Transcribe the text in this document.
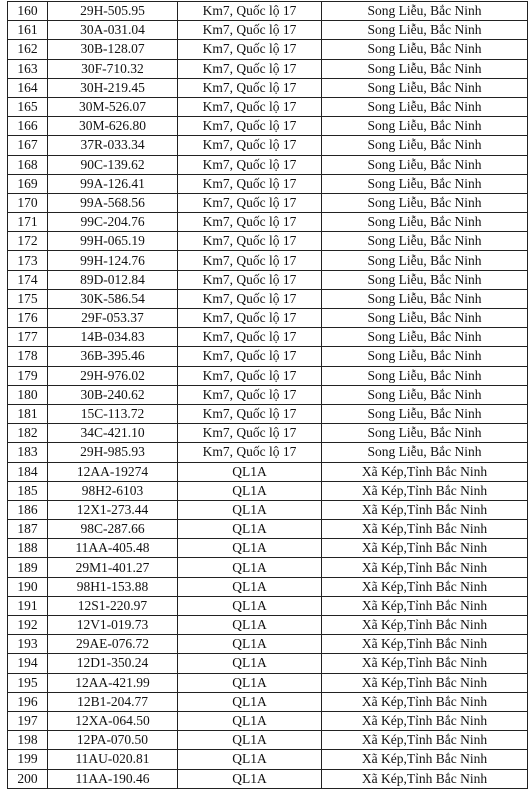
160	29H-505.95	Km7, Quốc lộ 17	Song Liễu, Bắc Ninh
161	30A-031.04	Km7, Quốc lộ 17	Song Liễu, Bắc Ninh
162	30B-128.07	Km7, Quốc lộ 17	Song Liễu, Bắc Ninh
163	30F-710.32	Km7, Quốc lộ 17	Song Liễu, Bắc Ninh
164	30H-219.45	Km7, Quốc lộ 17	Song Liễu, Bắc Ninh
165	30M-526.07	Km7, Quốc lộ 17	Song Liễu, Bắc Ninh
166	30M-626.80	Km7, Quốc lộ 17	Song Liễu, Bắc Ninh
167	37R-033.34	Km7, Quốc lộ 17	Song Liễu, Bắc Ninh
168	90C-139.62	Km7, Quốc lộ 17	Song Liễu, Bắc Ninh
169	99A-126.41	Km7, Quốc lộ 17	Song Liễu, Bắc Ninh
170	99A-568.56	Km7, Quốc lộ 17	Song Liễu, Bắc Ninh
171	99C-204.76	Km7, Quốc lộ 17	Song Liễu, Bắc Ninh
172	99H-065.19	Km7, Quốc lộ 17	Song Liễu, Bắc Ninh
173	99H-124.76	Km7, Quốc lộ 17	Song Liễu, Bắc Ninh
174	89D-012.84	Km7, Quốc lộ 17	Song Liễu, Bắc Ninh
175	30K-586.54	Km7, Quốc lộ 17	Song Liễu, Bắc Ninh
176	29F-053.37	Km7, Quốc lộ 17	Song Liễu, Bắc Ninh
177	14B-034.83	Km7, Quốc lộ 17	Song Liễu, Bắc Ninh
178	36B-395.46	Km7, Quốc lộ 17	Song Liễu, Bắc Ninh
179	29H-976.02	Km7, Quốc lộ 17	Song Liễu, Bắc Ninh
180	30B-240.62	Km7, Quốc lộ 17	Song Liễu, Bắc Ninh
181	15C-113.72	Km7, Quốc lộ 17	Song Liễu, Bắc Ninh
182	34C-421.10	Km7, Quốc lộ 17	Song Liễu, Bắc Ninh
183	29H-985.93	Km7, Quốc lộ 17	Song Liễu, Bắc Ninh
184	12AA-19274	QL1A	Xã Kép,Tỉnh Bắc Ninh
185	98H2-6103	QL1A	Xã Kép,Tỉnh Bắc Ninh
186	12X1-273.44	QL1A	Xã Kép,Tỉnh Bắc Ninh
187	98C-287.66	QL1A	Xã Kép,Tỉnh Bắc Ninh
188	11AA-405.48	QL1A	Xã Kép,Tỉnh Bắc Ninh
189	29M1-401.27	QL1A	Xã Kép,Tỉnh Bắc Ninh
190	98H1-153.88	QL1A	Xã Kép,Tỉnh Bắc Ninh
191	12S1-220.97	QL1A	Xã Kép,Tỉnh Bắc Ninh
192	12V1-019.73	QL1A	Xã Kép,Tỉnh Bắc Ninh
193	29AE-076.72	QL1A	Xã Kép,Tỉnh Bắc Ninh
194	12D1-350.24	QL1A	Xã Kép,Tỉnh Bắc Ninh
195	12AA-421.99	QL1A	Xã Kép,Tỉnh Bắc Ninh
196	12B1-204.77	QL1A	Xã Kép,Tỉnh Bắc Ninh
197	12XA-064.50	QL1A	Xã Kép,Tỉnh Bắc Ninh
198	12PA-070.50	QL1A	Xã Kép,Tỉnh Bắc Ninh
199	11AU-020.81	QL1A	Xã Kép,Tỉnh Bắc Ninh
200	11AA-190.46	QL1A	Xã Kép,Tỉnh Bắc Ninh
